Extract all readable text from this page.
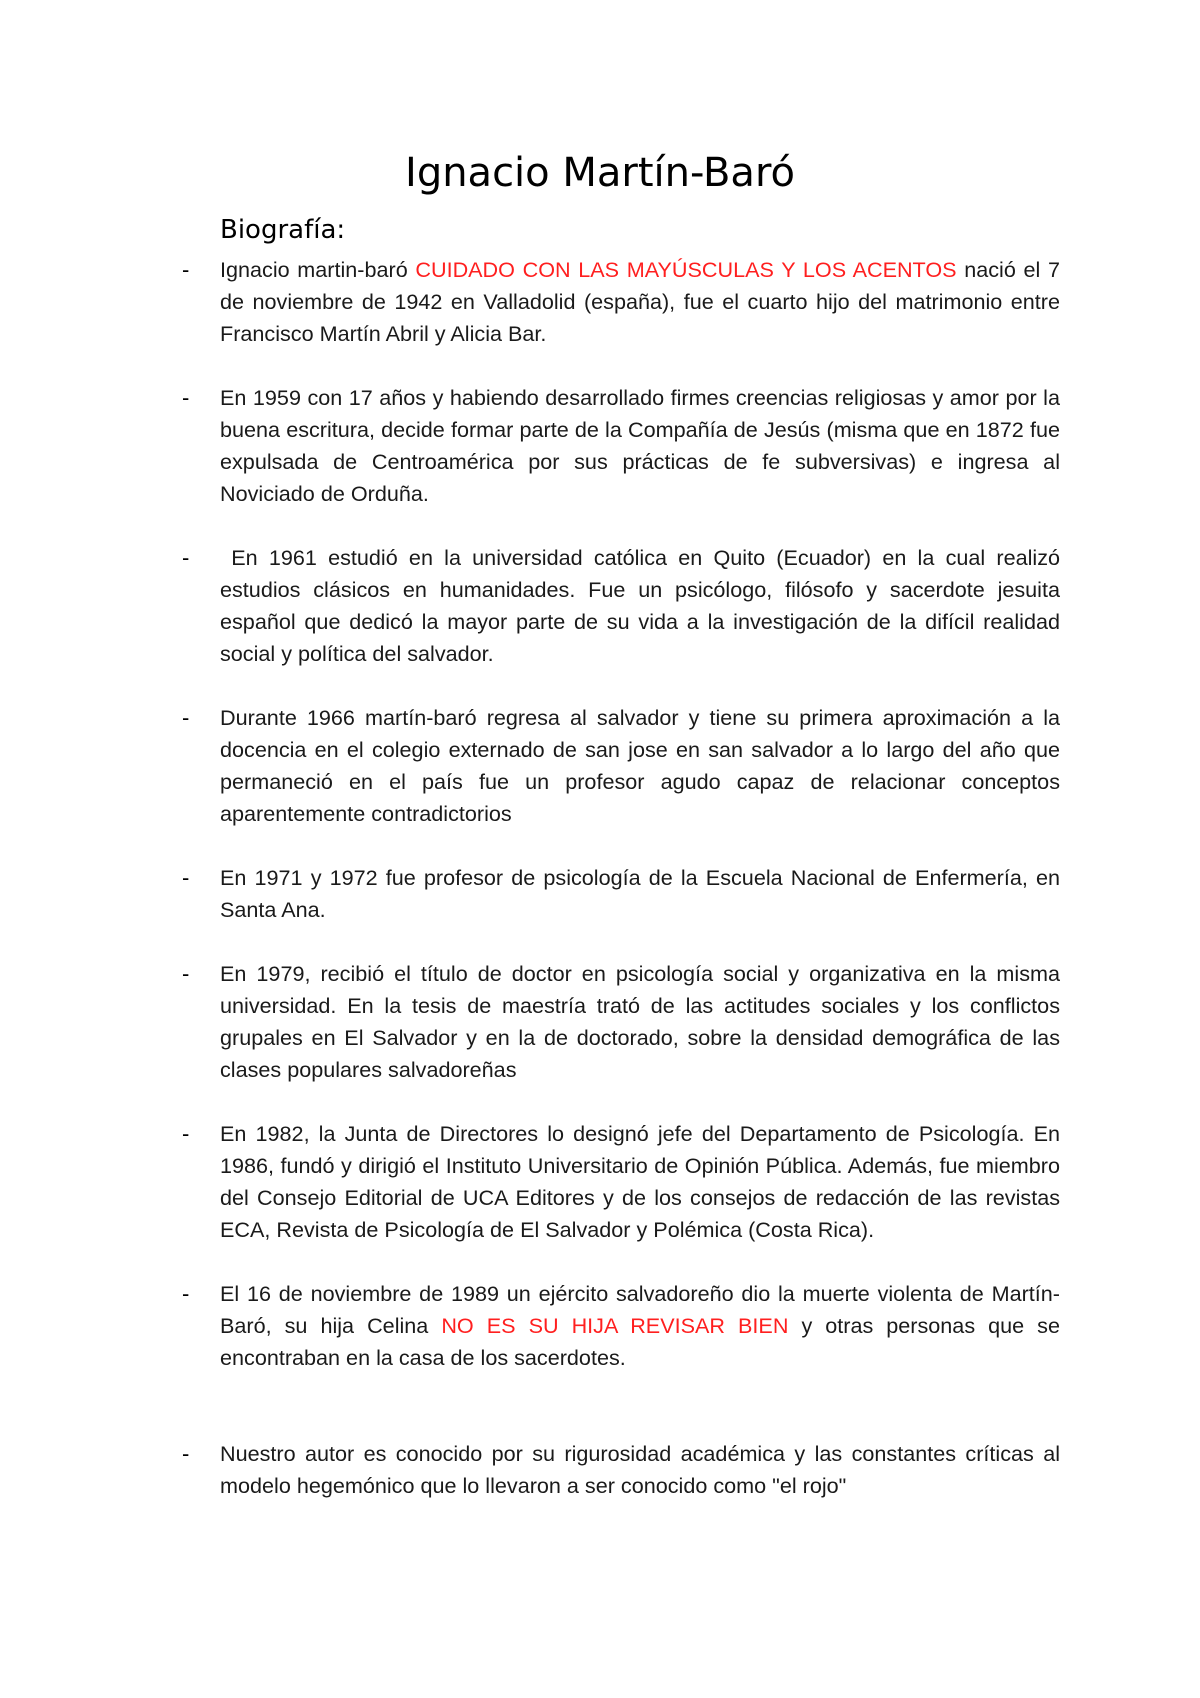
Ignacio Martín-Baró
Biografía:
- Ignacio martin-baró CUIDADO CON LAS MAYÚSCULAS Y LOS ACENTOS nació el 7 de noviembre de 1942 en Valladolid (españa), fue el cuarto hijo del matrimonio entre Francisco Martín Abril y Alicia Bar.
- En 1959 con 17 años y habiendo desarrollado firmes creencias religiosas y amor por la buena escritura, decide formar parte de la Compañía de Jesús (misma que en 1872 fue expulsada de Centroamérica por sus prácticas de fe subversivas) e ingresa al Noviciado de Orduña.
- En 1961 estudió en la universidad católica en Quito (Ecuador) en la cual realizó estudios clásicos en humanidades. Fue un psicólogo, filósofo y sacerdote jesuita español que dedicó la mayor parte de su vida a la investigación de la difícil realidad social y política del salvador.
- Durante 1966 martín-baró regresa al salvador y tiene su primera aproximación a la docencia en el colegio externado de san jose en san salvador a lo largo del año que permaneció en el país fue un profesor agudo capaz de relacionar conceptos aparentemente contradictorios
- En 1971 y 1972 fue profesor de psicología de la Escuela Nacional de Enfermería, en Santa Ana.
- En 1979, recibió el título de doctor en psicología social y organizativa en la misma universidad. En la tesis de maestría trató de las actitudes sociales y los conflictos grupales en El Salvador y en la de doctorado, sobre la densidad demográfica de las clases populares salvadoreñas
- En 1982, la Junta de Directores lo designó jefe del Departamento de Psicología. En 1986, fundó y dirigió el Instituto Universitario de Opinión Pública. Además, fue miembro del Consejo Editorial de UCA Editores y de los consejos de redacción de las revistas ECA, Revista de Psicología de El Salvador y Polémica (Costa Rica).
- El 16 de noviembre de 1989 un ejército salvadoreño dio la muerte violenta de Martín-Baró, su hija Celina NO ES SU HIJA REVISAR BIEN y otras personas que se encontraban en la casa de los sacerdotes.
- Nuestro autor es conocido por su rigurosidad académica y las constantes críticas al modelo hegemónico que lo llevaron a ser conocido como "el rojo"
